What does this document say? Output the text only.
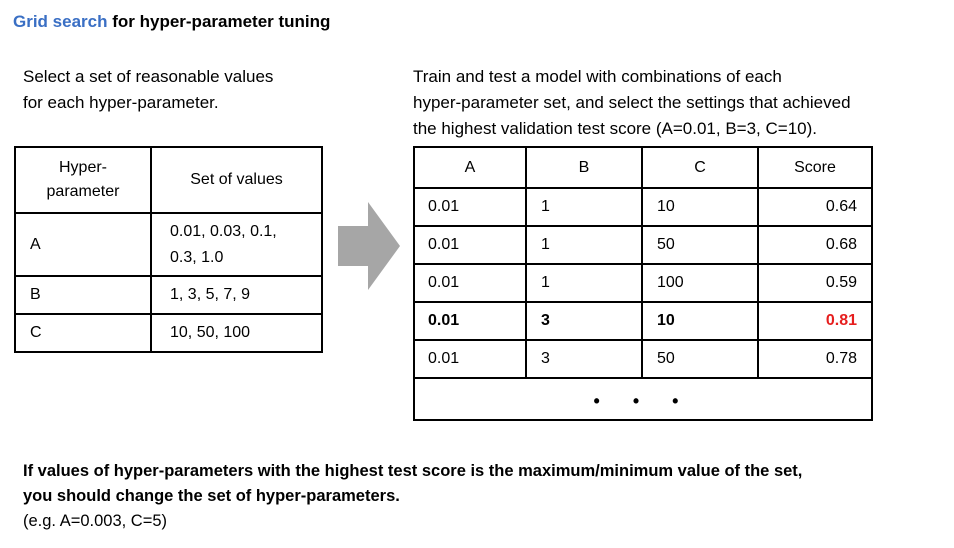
Grid search for hyper-parameter tuning
Select a set of reasonable values
for each hyper-parameter.
Train and test a model with combinations of each
hyper-parameter set, and select the settings that achieved
the highest validation test score (A=0.01, B=3, C=10).
Hyper-
parameter	Set of values
A	0.01, 0.03, 0.1,
0.3, 1.0

B	1, 3, 5, 7, 9
C	10, 50, 100
A	B	C	Score
0.01	1	10	0.64
0.01	1	50	0.68
0.01	1	100	0.59
0.01	3	10	0.81
0.01	3	50	0.78
• • •			
If values of hyper-parameters with the highest test score is the maximum/minimum value of the set,
you should change the set of hyper-parameters.
(e.g. A=0.003, C=5)
